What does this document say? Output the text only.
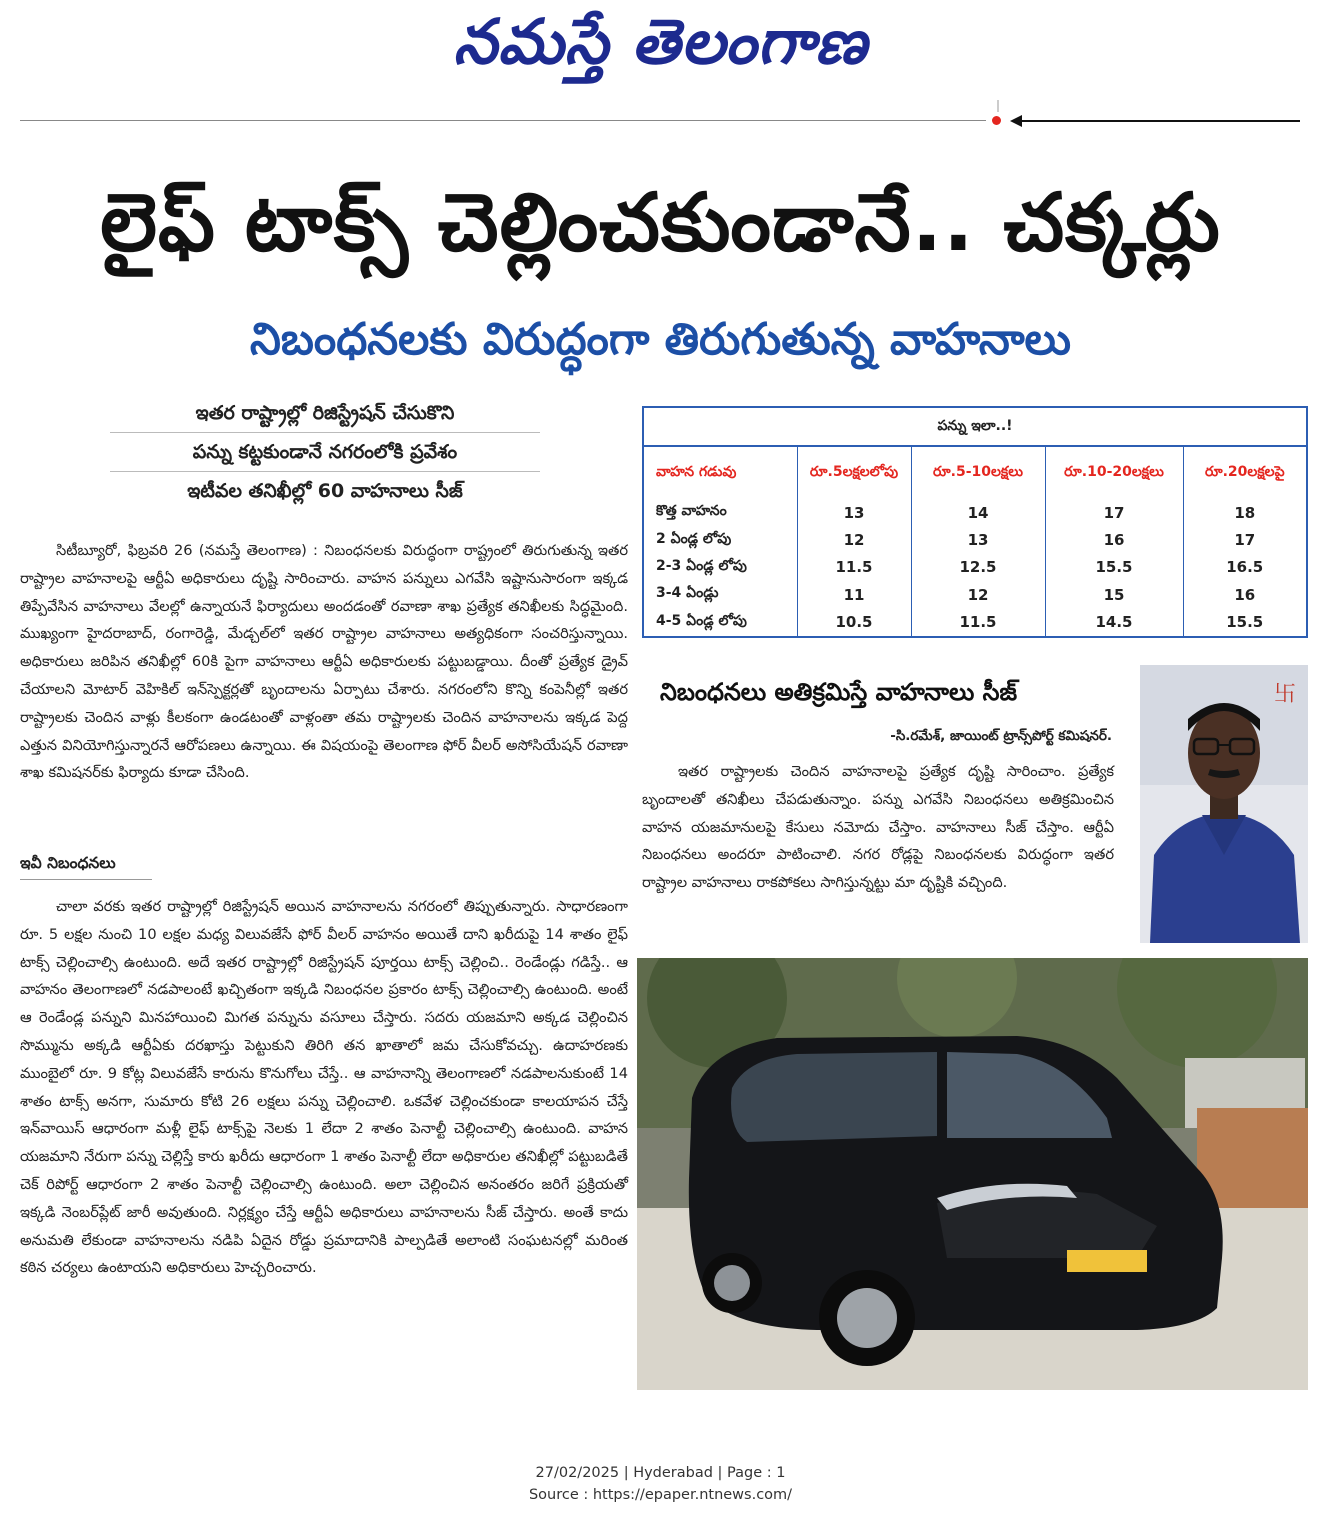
నమస్తే తెలంగాణ
లైఫ్ టాక్స్ చెల్లించకుండానే.. చక్కర్లు
నిబంధనలకు విరుద్ధంగా తిరుగుతున్న వాహనాలు
ఇతర రాష్ట్రాల్లో రిజిస్ట్రేషన్ చేసుకొని
పన్ను కట్టకుండానే నగరంలోకి ప్రవేశం
ఇటీవల తనిఖీల్లో 60 వాహనాలు సీజ్

సిటీబ్యూరో, ఫిబ్రవరి 26 (నమస్తే తెలంగాణ) : నిబంధనలకు విరుద్ధంగా రాష్ట్రంలో తిరుగుతున్న ఇతర రాష్ట్రాల వాహనాలపై ఆర్టీఏ అధికారులు దృష్టి సారించారు. వాహన పన్నులు ఎగవేసి ఇష్టానుసారంగా ఇక్కడ తిప్పేవేసిన వాహనాలు వేలల్లో ఉన్నాయనే ఫిర్యాదులు అందడంతో రవాణా శాఖ ప్రత్యేక తనిఖీలకు సిద్ధమైంది. ముఖ్యంగా హైదరాబాద్, రంగారెడ్డి, మేడ్చల్‌లో ఇతర రాష్ట్రాల వాహనాలు అత్యధికంగా సంచరిస్తున్నాయి. అధికారులు జరిపిన తనిఖీల్లో 60కి పైగా వాహనాలు ఆర్టీఏ అధికారులకు పట్టుబడ్డాయి. దీంతో ప్రత్యేక డ్రైవ్ చేయాలని మోటార్ వెహికిల్ ఇన్‌స్పెక్టర్లతో బృందాలను ఏర్పాటు చేశారు. నగరంలోని కొన్ని కంపెనీల్లో ఇతర రాష్ట్రాలకు చెందిన వాళ్లు కీలకంగా ఉండటంతో వాళ్లంతా తమ రాష్ట్రాలకు చెందిన వాహనాలను ఇక్కడ పెద్ద ఎత్తున వినియోగిస్తున్నారనే ఆరోపణలు ఉన్నాయి. ఈ విషయంపై తెలంగాణ ఫోర్ వీలర్ అసోసియేషన్ రవాణా శాఖ కమిషనర్‌కు ఫిర్యాదు కూడా చేసింది.

ఇవీ నిబంధనలు

చాలా వరకు ఇతర రాష్ట్రాల్లో రిజిస్ట్రేషన్ అయిన వాహనాలను నగరంలో తిప్పుతున్నారు. సాధారణంగా రూ. 5 లక్షల నుంచి 10 లక్షల మధ్య విలువజేసే ఫోర్ వీలర్ వాహనం అయితే దాని ఖరీదుపై 14 శాతం లైఫ్ టాక్స్ చెల్లించాల్సి ఉంటుంది. అదే ఇతర రాష్ట్రాల్లో రిజిస్ట్రేషన్ పూర్తయి టాక్స్ చెల్లించి.. రెండేండ్లు గడిస్తే.. ఆ వాహనం తెలంగాణలో నడపాలంటే ఖచ్చితంగా ఇక్కడి నిబంధనల ప్రకారం టాక్స్ చెల్లించాల్సి ఉంటుంది. అంటే ఆ రెండేండ్ల పన్నుని మినహాయించి మిగత పన్నును వసూలు చేస్తారు. సదరు యజమాని అక్కడ చెల్లించిన సొమ్మును అక్కడి ఆర్టీఏకు దరఖాస్తు పెట్టుకుని తిరిగి తన ఖాతాలో జమ చేసుకోవచ్చు. ఉదాహరణకు ముంబైలో రూ. 9 కోట్ల విలువజేసే కారును కొనుగోలు చేస్తే.. ఆ వాహనాన్ని తెలంగాణలో నడపాలనుకుంటే 14 శాతం టాక్స్ అనగా, సుమారు కోటి 26 లక్షలు పన్ను చెల్లించాలి. ఒకవేళ చెల్లించకుండా కాలయాపన చేస్తే ఇన్‌వాయిస్ ఆధారంగా మళ్లీ లైఫ్ టాక్స్‌పై నెలకు 1 లేదా 2 శాతం పెనాల్టీ చెల్లించాల్సి ఉంటుంది. వాహన యజమాని నేరుగా పన్ను చెల్లిస్తే కారు ఖరీదు ఆధారంగా 1 శాతం పెనాల్టీ లేదా అధికారుల తనిఖీల్లో పట్టుబడితే చెక్ రిపోర్ట్ ఆధారంగా 2 శాతం పెనాల్టీ చెల్లించాల్సి ఉంటుంది. అలా చెల్లించిన అనంతరం జరిగే ప్రక్రియతో ఇక్కడి నెంబర్‌ప్లేట్ జారీ అవుతుంది. నిర్లక్ష్యం చేస్తే ఆర్టీఏ అధికారులు వాహనాలను సీజ్ చేస్తారు. అంతే కాదు అనుమతి లేకుండా వాహనాలను నడిపి ఏదైన రోడ్డు ప్రమాదానికి పాల్పడితే అలాంటి సంఘటనల్లో మరింత కఠిన చర్యలు ఉంటాయని అధికారులు హెచ్చరించారు.

పన్ను ఇలా..!
వాహన గడువు	రూ.5లక్షలలోపు	రూ.5-10లక్షలు	రూ.10-20లక్షలు	రూ.20లక్షలపై
కొత్త వాహనం	13	14	17	18
2 ఏండ్ల లోపు	12	13	16	17
2-3 ఏండ్ల లోపు	11.5	12.5	15.5	16.5
3-4 ఏండ్లు	11	12	15	16
4-5 ఏండ్ల లోపు	10.5	11.5	14.5	15.5
నిబంధనలు అతిక్రమిస్తే వాహనాలు సీజ్
-సి.రమేశ్, జాయింట్ ట్రాన్స్‌పోర్ట్ కమిషనర్.

ఇతర రాష్ట్రాలకు చెందిన వాహనాలపై ప్రత్యేక దృష్టి సారించాం. ప్రత్యేక బృందాలతో తనిఖీలు చేపడుతున్నాం. పన్ను ఎగవేసి నిబంధనలు అతిక్రమించిన వాహన యజమానులపై కేసులు నమోదు చేస్తాం. వాహనాలు సీజ్ చేస్తాం. ఆర్టీఏ నిబంధనలు అందరూ పాటించాలి. నగర రోడ్లపై నిబంధనలకు విరుద్ధంగా ఇతర రాష్ట్రాల వాహనాలు రాకపోకలు సాగిస్తున్నట్టు మా దృష్టికి వచ్చింది.

卐
27/02/2025 | Hyderabad | Page : 1
Source : https://epaper.ntnews.com/
